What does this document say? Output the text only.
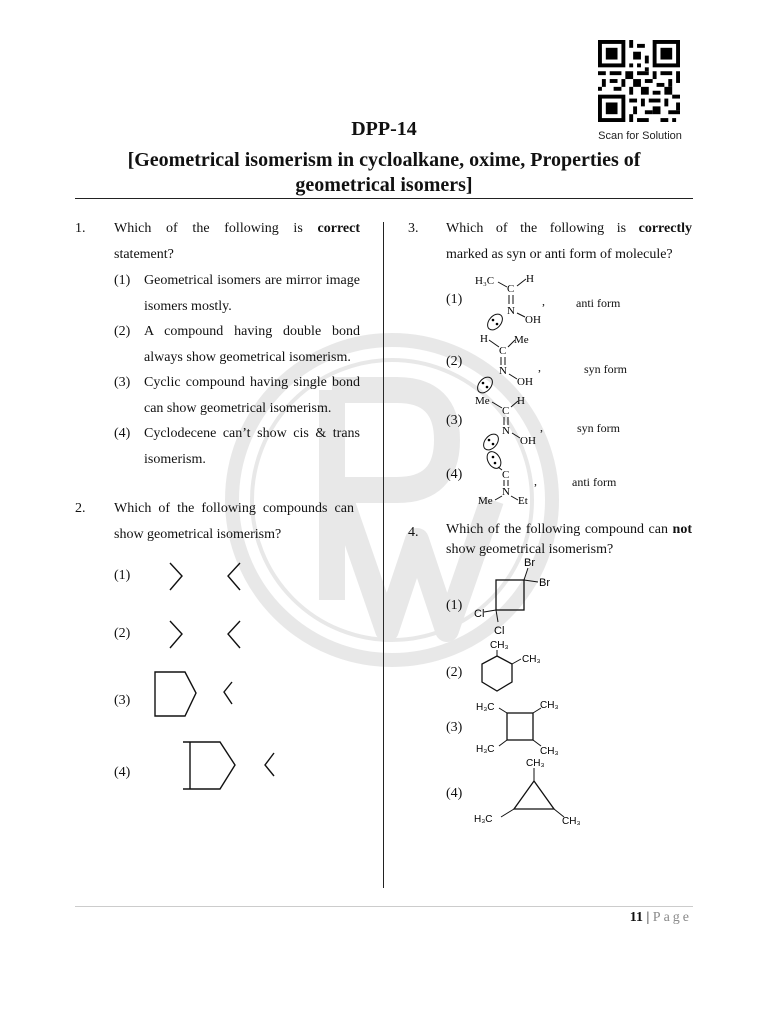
Scan for Solution
DPP-14
[Geometrical isomerism in cycloalkane, oxime, Properties of
geometrical isomers]
1. Which of the following is correct statement?
(1) Geometrical isomers are mirror image isomers mostly.
(2) A compound having double bond always show geometrical isomerism.
(3) Cyclic compound having single bond can show geometrical isomerism.
(4) Cyclodecene can’t show cis & trans isomerism.
2. Which of the following compounds can show geometrical isomerism?
(1)
(2)
(3)
(4)
3. Which of the following is correctly marked as syn or anti form of molecule?
(1)
H₃C
C
H
N
OH
anti form
,
(2)
H
C
Me
N
OH
syn form
,
(3)
Me
C
H
N
OH
syn form
,
(4)	C
N
Me Et
anti form
,
4. Which of the following compound can not show geometrical isomerism?
(1)
Br
Br
Cl
Cl
(2)
CH₃
CH₃
(3)
H₃C	CH₃
H₃C	CH₃
(4)
CH₃
H₃C	CH₃
11 | Page
